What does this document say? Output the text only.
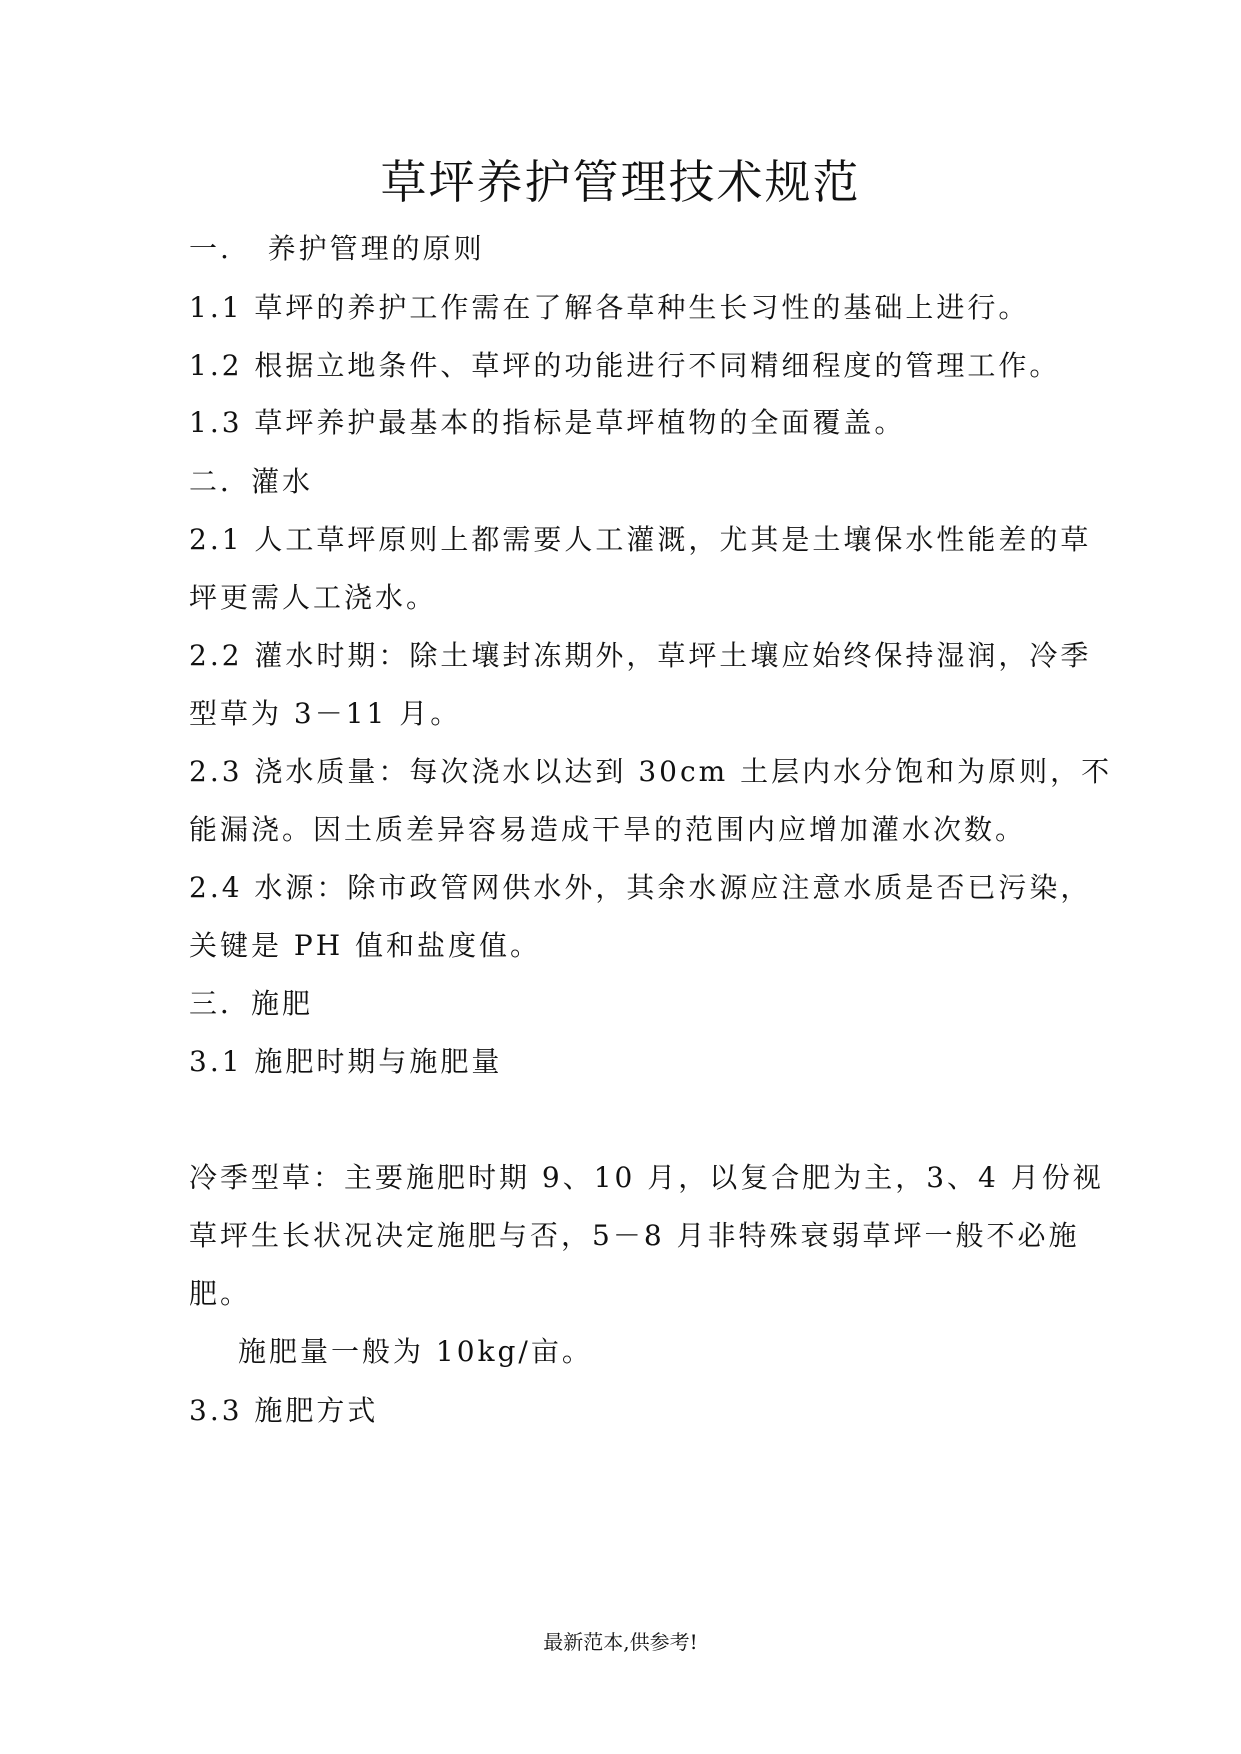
草坪养护管理技术规范
一.   养护管理的原则
1.1 草坪的养护工作需在了解各草种生长习性的基础上进行。
1.2 根据立地条件、草坪的功能进行不同精细程度的管理工作。
1.3 草坪养护最基本的指标是草坪植物的全面覆盖。
二．灌水
2.1 人工草坪原则上都需要人工灌溉，尤其是土壤保水性能差的草
坪更需人工浇水。
2.2 灌水时期：除土壤封冻期外，草坪土壤应始终保持湿润，冷季
型草为 3－11 月。
2.3 浇水质量：每次浇水以达到 30cm 土层内水分饱和为原则，不
能漏浇。因土质差异容易造成干旱的范围内应增加灌水次数。
2.4 水源：除市政管网供水外，其余水源应注意水质是否已污染，
关键是 PH 值和盐度值。
三．施肥
3.1 施肥时期与施肥量
冷季型草：主要施肥时期 9、10 月，以复合肥为主，3、4 月份视
草坪生长状况决定施肥与否，5－8 月非特殊衰弱草坪一般不必施
肥。
施肥量一般为 10kg/亩。
3.3 施肥方式
最新范本,供参考!
